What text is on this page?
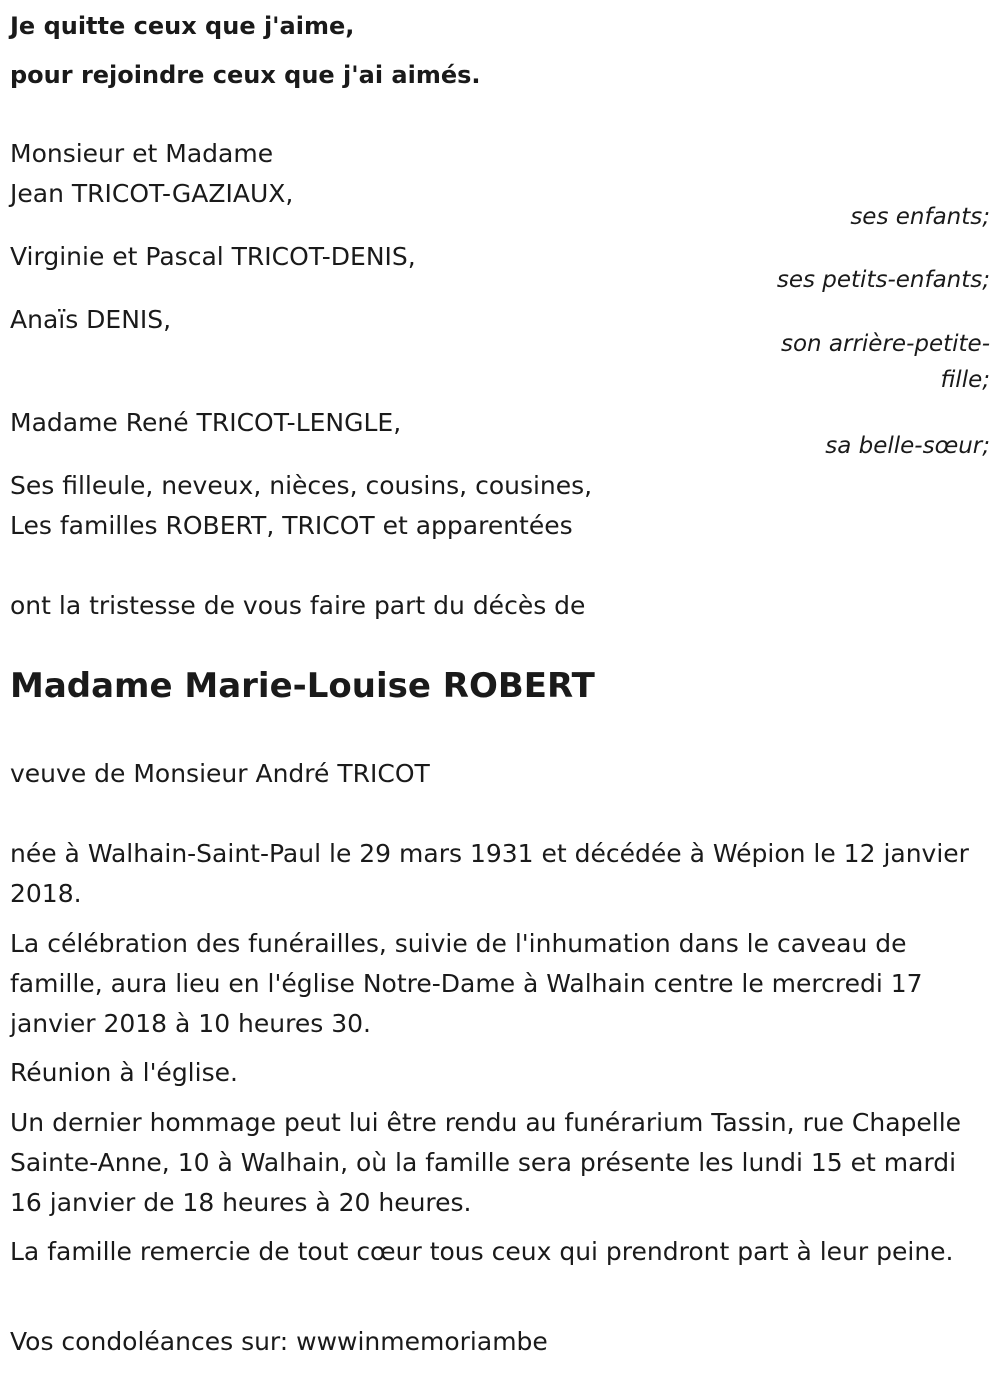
Je quitte ceux que j'aime,
pour rejoindre ceux que j'ai aimés.
Monsieur et Madame
Jean TRICOT-GAZIAUX,
ses enfants;
Virginie et Pascal TRICOT-DENIS,
ses petits-enfants;
Anaïs DENIS,
son arrière-petite-fille;
Madame René TRICOT-LENGLE,
sa belle-sœur;
Ses filleule, neveux, nièces, cousins, cousines,
Les familles ROBERT, TRICOT et apparentées
ont la tristesse de vous faire part du décès de
Madame Marie-Louise ROBERT
veuve de Monsieur André TRICOT
née à Walhain-Saint-Paul le 29 mars 1931 et décédée à Wépion le 12 janvier 2018.
La célébration des funérailles, suivie de l'inhumation dans le caveau de famille, aura lieu en l'église Notre-Dame à Walhain centre le mercredi 17 janvier 2018 à 10 heures 30.
Réunion à l'église.
Un dernier hommage peut lui être rendu au funérarium Tassin, rue Chapelle Sainte-Anne, 10 à Walhain, où la famille sera présente les lundi 15 et mardi 16 janvier de 18 heures à 20 heures.
La famille remercie de tout cœur tous ceux qui prendront part à leur peine.
Vos condoléances sur: wwwinmemoriambe
